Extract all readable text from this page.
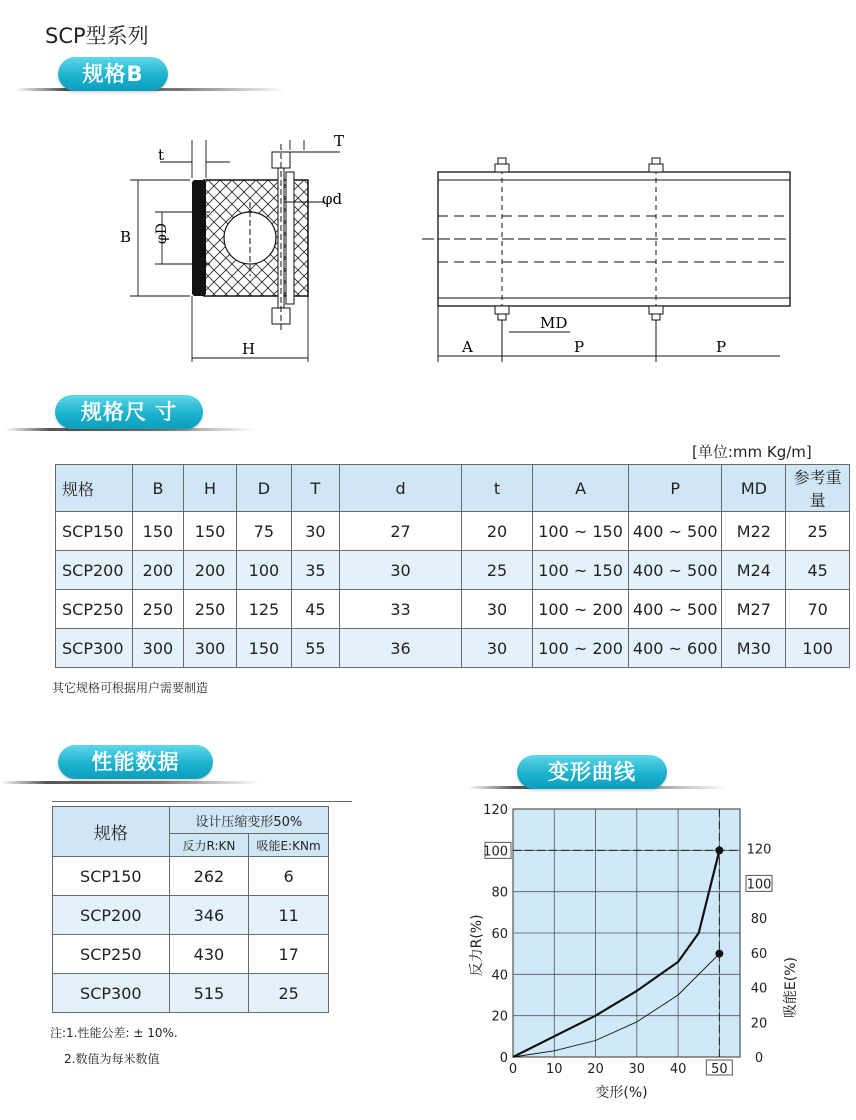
SCP型系列
规格B
B φD
H
t
T
φd
A	P	P
MD
规格尺 寸
[单位:mm Kg/m]
规格	B	H	D	T	d	t	A	P	MD	参考重量
SCP150	150	150	75	30	27	20	100 ~ 150	400 ~ 500	M22	25
SCP200	200	200	100	35	30	25	100 ~ 150	400 ~ 500	M24	45
SCP250	250	250	125	45	33	30	100 ~ 200	400 ~ 500	M27	70
SCP300	300	300	150	55	36	30	100 ~ 200	400 ~ 600	M30	100
其它规格可根据用户需要制造
性能数据
规格	设计压缩变形50%	
	反力R:KN	吸能E:KNm
SCP150	262	6
SCP200	346	11
SCP250	430	17
SCP300	515	25
注:1.性能公差: ± 10%.
2.数值为每米数值
变形曲线
0 10 20 30 40 50
0
20
40
60
80
100
120
0
20
40
60
80
100
120
变形(%)
反力R(%)
吸能E(%)
